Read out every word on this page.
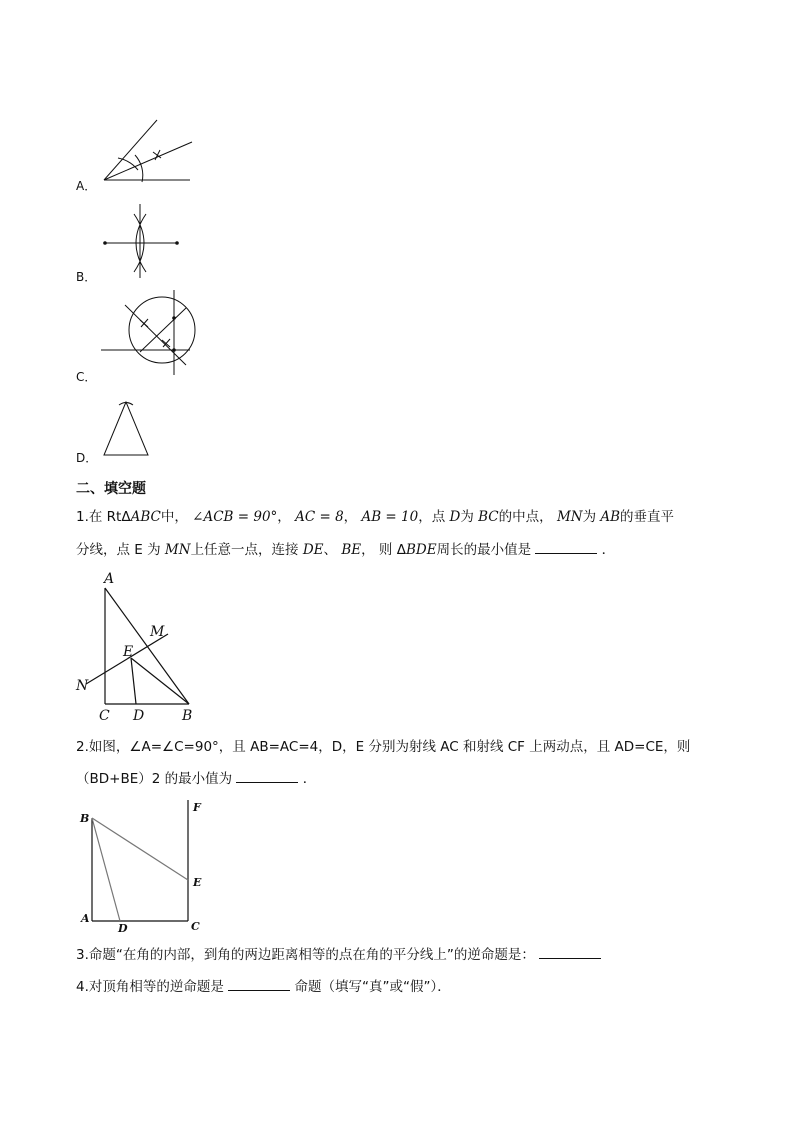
A．
B．
C．
D．
二、填空题
1.在 RtΔABC中， ∠ACB = 90°， AC = 8， AB = 10，点 D为 BC的中点， MN为 AB的垂直平
分线，点 E 为 MN上任意一点，连接 DE、 BE， 则 ΔBDE周长的最小值是	．
A
M
E
N
C D	B
2.如图，∠A=∠C=90°，且 AB=AC=4，D，E 分别为射线 AC 和射线 CF 上两动点，且 AD=CE，则
（BD+BE）2 的最小值为	．
B
F
E
A
D	C
3.命题“在角的内部，到角的两边距离相等的点在角的平分线上”的逆命题是：
4.对顶角相等的逆命题是	命题（填写“真”或“假”）．
